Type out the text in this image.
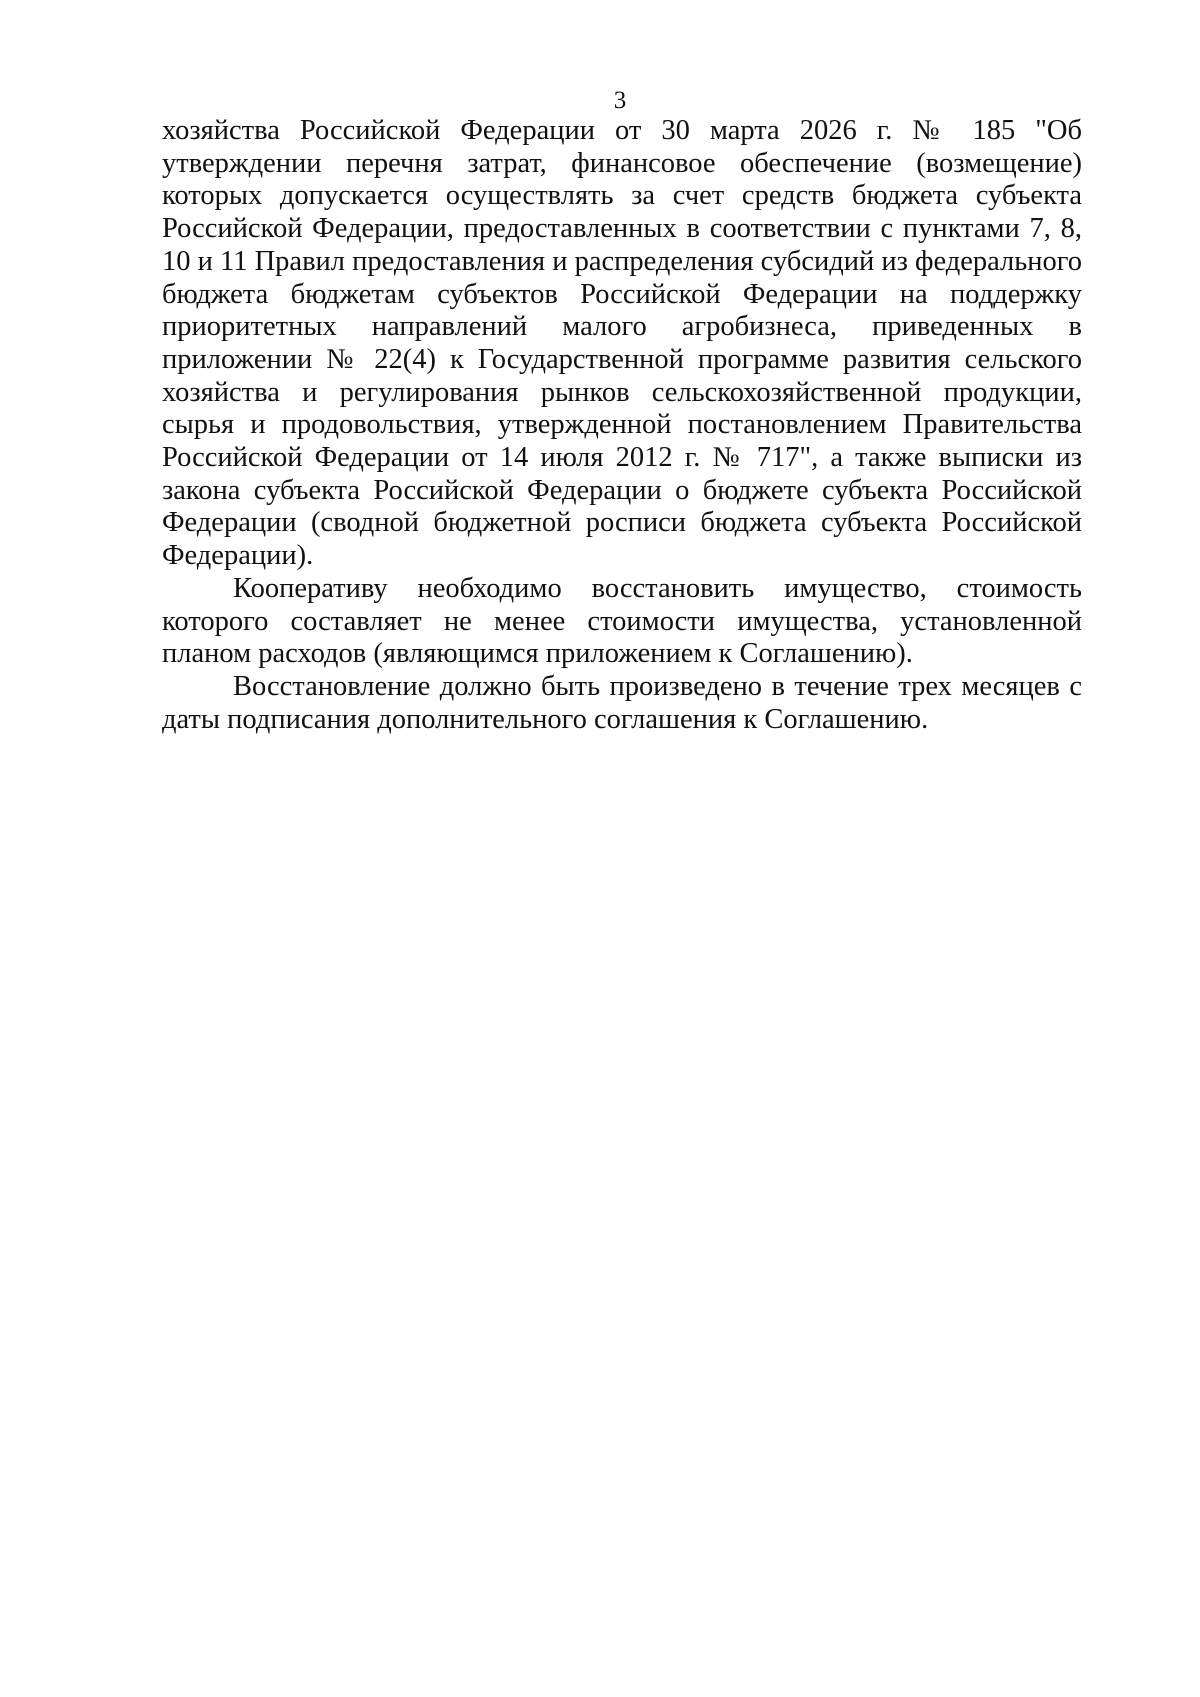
3

хозяйства Российской Федерации от 30 марта 2026 г. № 185 "Об утверждении перечня затрат, финансовое обеспечение (возмещение) которых допускается осуществлять за счет средств бюджета субъекта Российской Федерации, предоставленных в соответствии с пунктами 7, 8, 10 и 11 Правил предоставления и распределения субсидий из федерального бюджета бюджетам субъектов Российской Федерации на поддержку приоритетных направлений малого агробизнеса, приведенных в приложении № 22(4) к Государственной программе развития сельского хозяйства и регулирования рынков сельскохозяйственной продукции, сырья и продовольствия, утвержденной постановлением Правительства Российской Федерации от 14 июля 2012 г. № 717", а также выписки из закона субъекта Российской Федерации о бюджете субъекта Российской Федерации (сводной бюджетной росписи бюджета субъекта Российской Федерации).

Кооперативу необходимо восстановить имущество, стоимость которого составляет не менее стоимости имущества, установленной планом расходов (являющимся приложением к Соглашению).

Восстановление должно быть произведено в течение трех месяцев с даты подписания дополнительного соглашения к Соглашению.
